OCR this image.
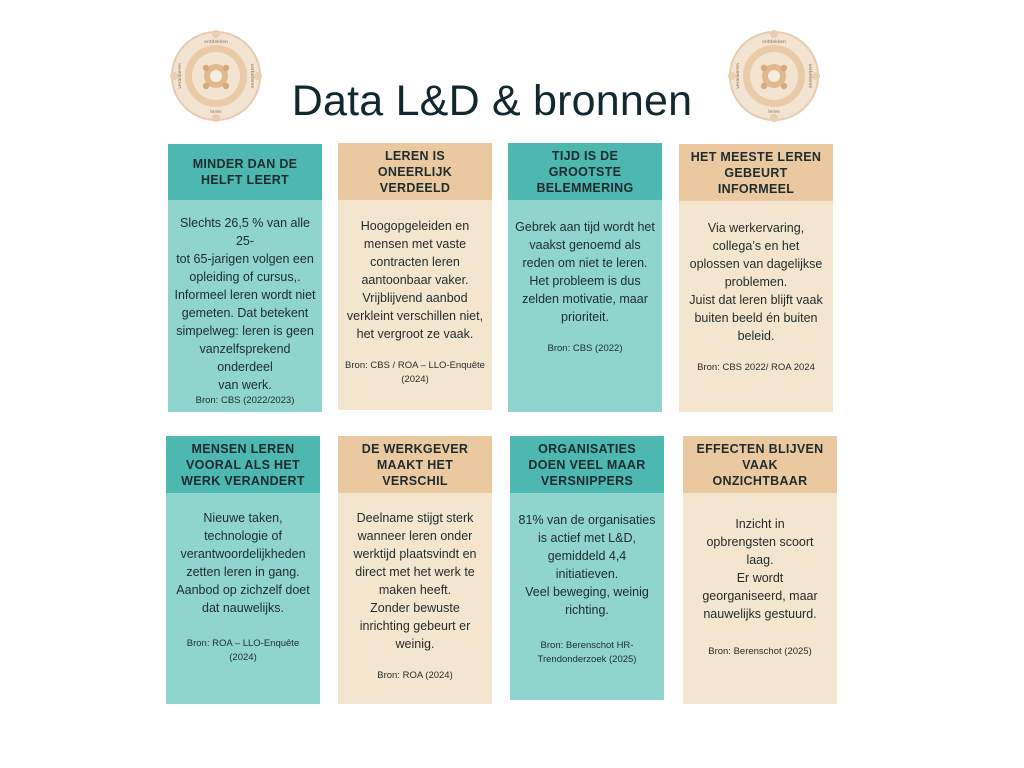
Data L&D & bronnen
ontdekken
leren
verbeteren
verankeren
ontdekken
leren
verbeteren
verankeren
MINDER DAN DE
HELFT LEERT

Slechts 26,5 % van alle 25-
tot 65-jarigen volgen een
opleiding of cursus,.
Informeel leren wordt niet
gemeten. Dat betekent
simpelweg: leren is geen
vanzelfsprekend onderdeel
van werk.

Bron: CBS (2022/2023)

LEREN IS
ONEERLIJK
VERDEELD

Hoogopgeleiden en
mensen met vaste
contracten leren
aantoonbaar vaker.
Vrijblijvend aanbod
verkleint verschillen niet,
het vergroot ze vaak.

Bron: CBS / ROA – LLO-Enquête
(2024)

TIJD IS DE
GROOTSTE
BELEMMERING

Gebrek aan tijd wordt het
vaakst genoemd als
reden om niet te leren.
Het probleem is dus
zelden motivatie, maar
prioriteit.

Bron: CBS (2022)

HET MEESTE LEREN
GEBEURT INFORMEEL

Via werkervaring,
collega’s en het
oplossen van dagelijkse
problemen.
Juist dat leren blijft vaak
buiten beeld én buiten
beleid.

Bron: CBS 2022/ ROA 2024

MENSEN LEREN
VOORAL ALS HET
WERK VERANDERT

Nieuwe taken,
technologie of
verantwoordelijkheden
zetten leren in gang.
Aanbod op zichzelf doet
dat nauwelijks.

Bron: ROA – LLO-Enquête
(2024)

DE WERKGEVER
MAAKT HET
VERSCHIL

Deelname stijgt sterk
wanneer leren onder
werktijd plaatsvindt en
direct met het werk te
maken heeft.
Zonder bewuste
inrichting gebeurt er
weinig.

Bron: ROA (2024)

ORGANISATIES
DOEN VEEL MAAR
VERSNIPPERS

81% van de organisaties
is actief met L&D,
gemiddeld 4,4
initiatieven.
Veel beweging, weinig
richting.

Bron: Berenschot HR-
Trendonderzoek (2025)

EFFECTEN BLIJVEN
VAAK
ONZICHTBAAR

Inzicht in
opbrengsten scoort
laag.
Er wordt
georganiseerd, maar
nauwelijks gestuurd.

Bron: Berenschot (2025)
